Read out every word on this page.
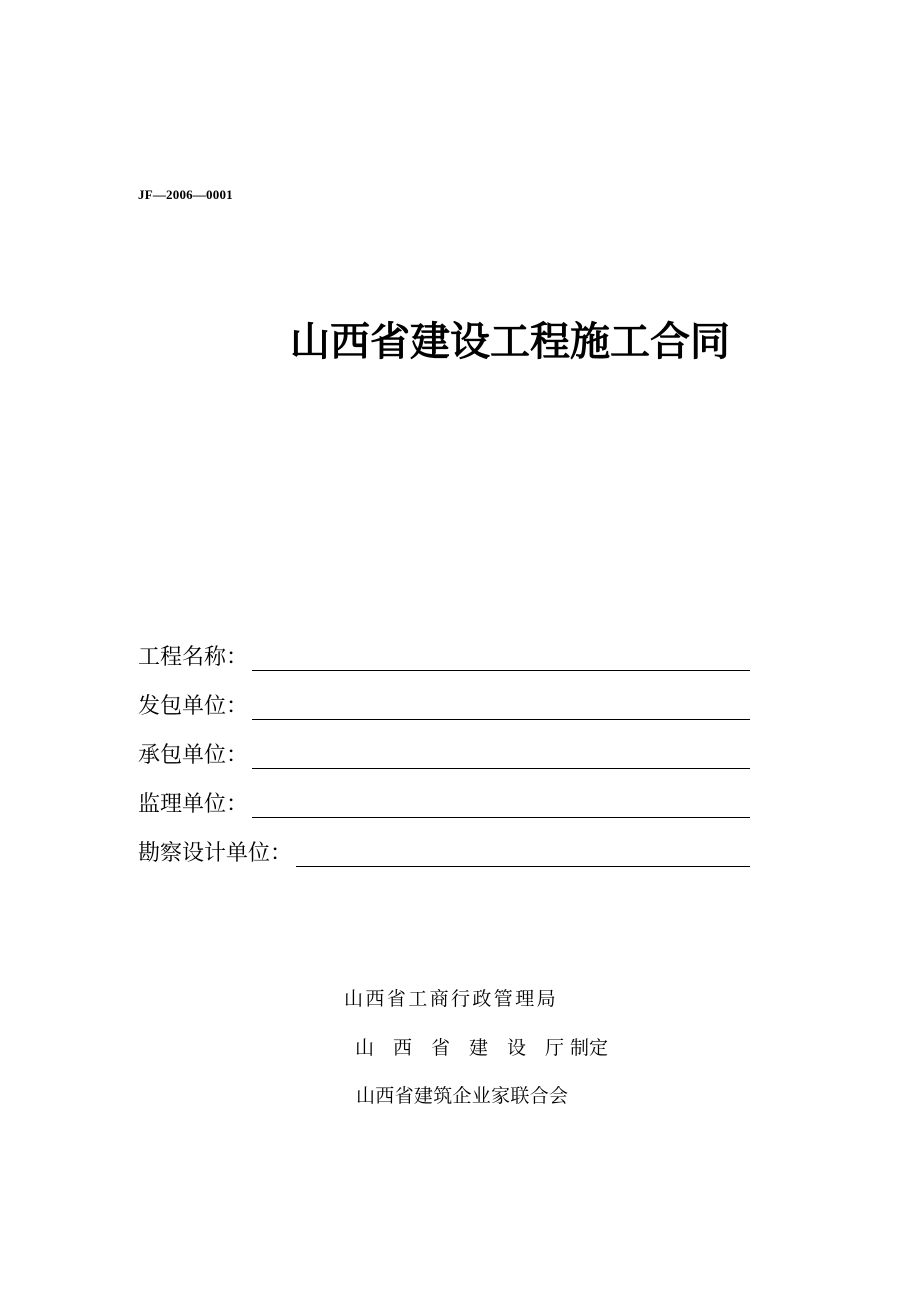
JF—2006—0001
山西省建设工程施工合同
工程名称：
发包单位：
承包单位：
监理单位：
勘察设计单位：
山西省工商行政管理局
山　西　省　建　设　厅 制定
山西省建筑企业家联合会
